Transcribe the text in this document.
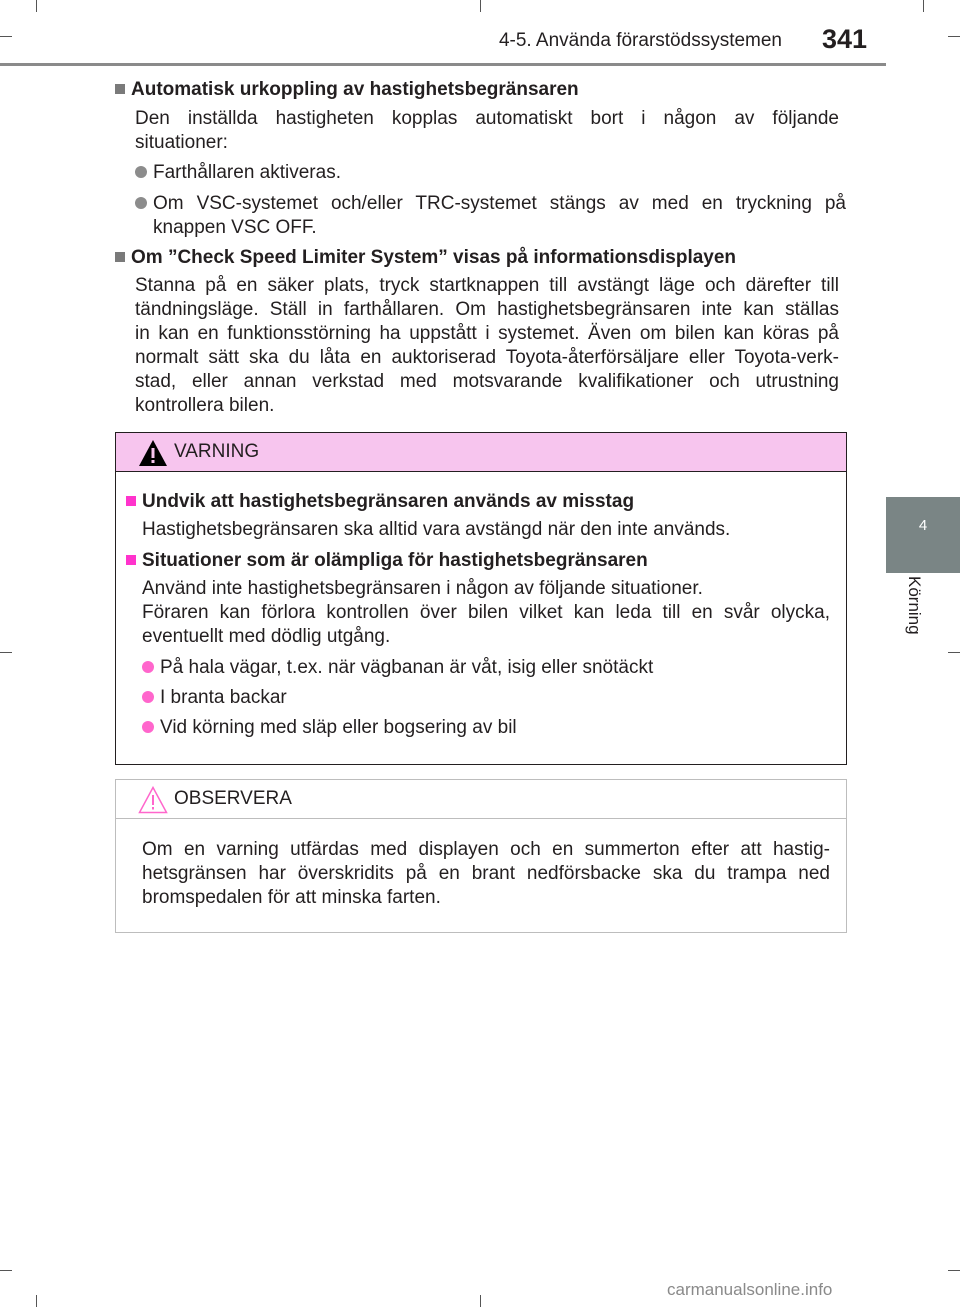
4-5. Använda förarstödssystemen 341
4
Körning
Automatisk urkoppling av hastighetsbegränsaren
Den inställda hastigheten kopplas automatiskt bort i någon av följande
situationer:
Farthållaren aktiveras.
Om VSC-systemet och/eller TRC-systemet stängs av med en tryckning på
knappen VSC OFF.
Om ”Check Speed Limiter System” visas på informationsdisplayen
Stanna på en säker plats, tryck startknappen till avstängt läge och därefter till
tändningsläge. Ställ in farthållaren. Om hastighetsbegränsaren inte kan ställas
in kan en funktionsstörning ha uppstått i systemet. Även om bilen kan köras på
normalt sätt ska du låta en auktoriserad Toyota-återförsäljare eller Toyota-verk-
stad, eller annan verkstad med motsvarande kvalifikationer och utrustning
kontrollera bilen.
VARNING
Undvik att hastighetsbegränsaren används av misstag
Hastighetsbegränsaren ska alltid vara avstängd när den inte används.
Situationer som är olämpliga för hastighetsbegränsaren
Använd inte hastighetsbegränsaren i någon av följande situationer.
Föraren kan förlora kontrollen över bilen vilket kan leda till en svår olycka,
eventuellt med dödlig utgång.
På hala vägar, t.ex. när vägbanan är våt, isig eller snötäckt
I branta backar
Vid körning med släp eller bogsering av bil
OBSERVERA
Om en varning utfärdas med displayen och en summerton efter att hastig-
hetsgränsen har överskridits på en brant nedförsbacke ska du trampa ned
bromspedalen för att minska farten.
carmanualsonline.info
